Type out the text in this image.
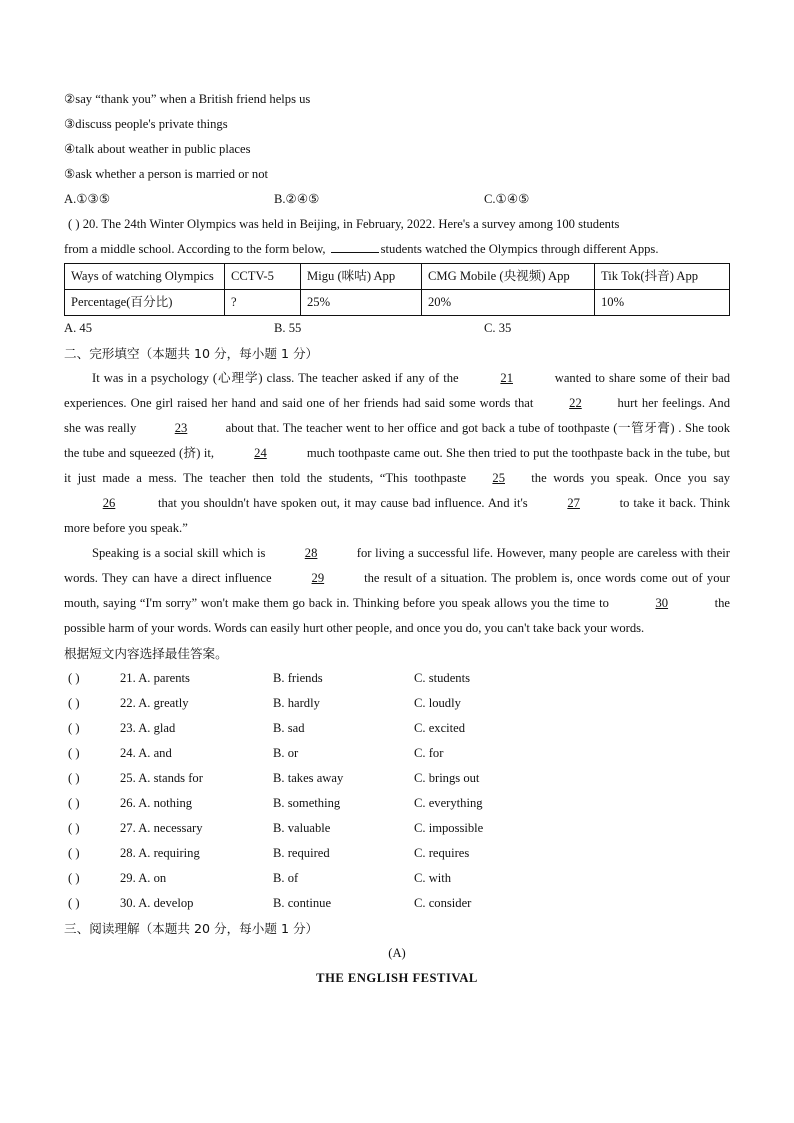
②say “thank you” when a British friend helps us
③discuss people's private things
④talk about weather in public places
⑤ask whether a person is married or not
A.①③⑤	B.②④⑤	C.①④⑤
( ) 20. The 24th Winter Olympics was held in Beijing, in February, 2022. Here's a survey among 100 students
from a middle school. According to the form below,	students watched the Olympics through different Apps.
Ways of watching Olympics	CCTV-5	Migu (咪咕) App	CMG Mobile (央视频) App	Tik Tok(抖音) App
Percentage(百分比)	?	25%	20%	10%
A. 45	B. 55	C. 35
二、完形填空（本题共 10 分，每小题 1 分）

It was in a psychology (心理学) class. The teacher asked if any of the	21	wanted to share some of their bad experiences. One girl raised her hand and said one of her friends had said some words that	22	hurt her feelings. And she was really	23	about that. The teacher went to her office and got back a tube of toothpaste (一管牙膏) . She took the tube and squeezed (挤) it,	24	much toothpaste came out. She then tried to put the toothpaste back in the tube, but it just made a mess. The teacher then told the students, “This toothpaste 25 the words you speak. Once you say 26	that you shouldn't have spoken out, it may cause bad influence. And it's	27	to take it back. Think more before you speak.”

Speaking is a social skill which is	28	for living a successful life. However, many people are careless with their words. They can have a direct influence	29	the result of a situation. The problem is, once words come out of your mouth, saying “I'm sorry” won't make them go back in. Thinking before you speak allows you the time to	30	the possible harm of your words. Words can easily hurt other people, and once you do, you can't take back your words.

根据短文内容选择最佳答案。
( )	21. A. parents	B. friends	C. students
( )	22. A. greatly	B. hardly	C. loudly
( )	23. A. glad	B. sad	C. excited
( )	24. A. and	B. or	C. for
( )	25. A. stands for	B. takes away	C. brings out
( )	26. A. nothing	B. something	C. everything
( )	27. A. necessary	B. valuable	C. impossible
( )	28. A. requiring	B. required	C. requires
( )	29. A. on	B. of	C. with
( )	30. A. develop	B. continue	C. consider
三、阅读理解（本题共 20 分，每小题 1 分）
(A)
THE ENGLISH FESTIVAL
